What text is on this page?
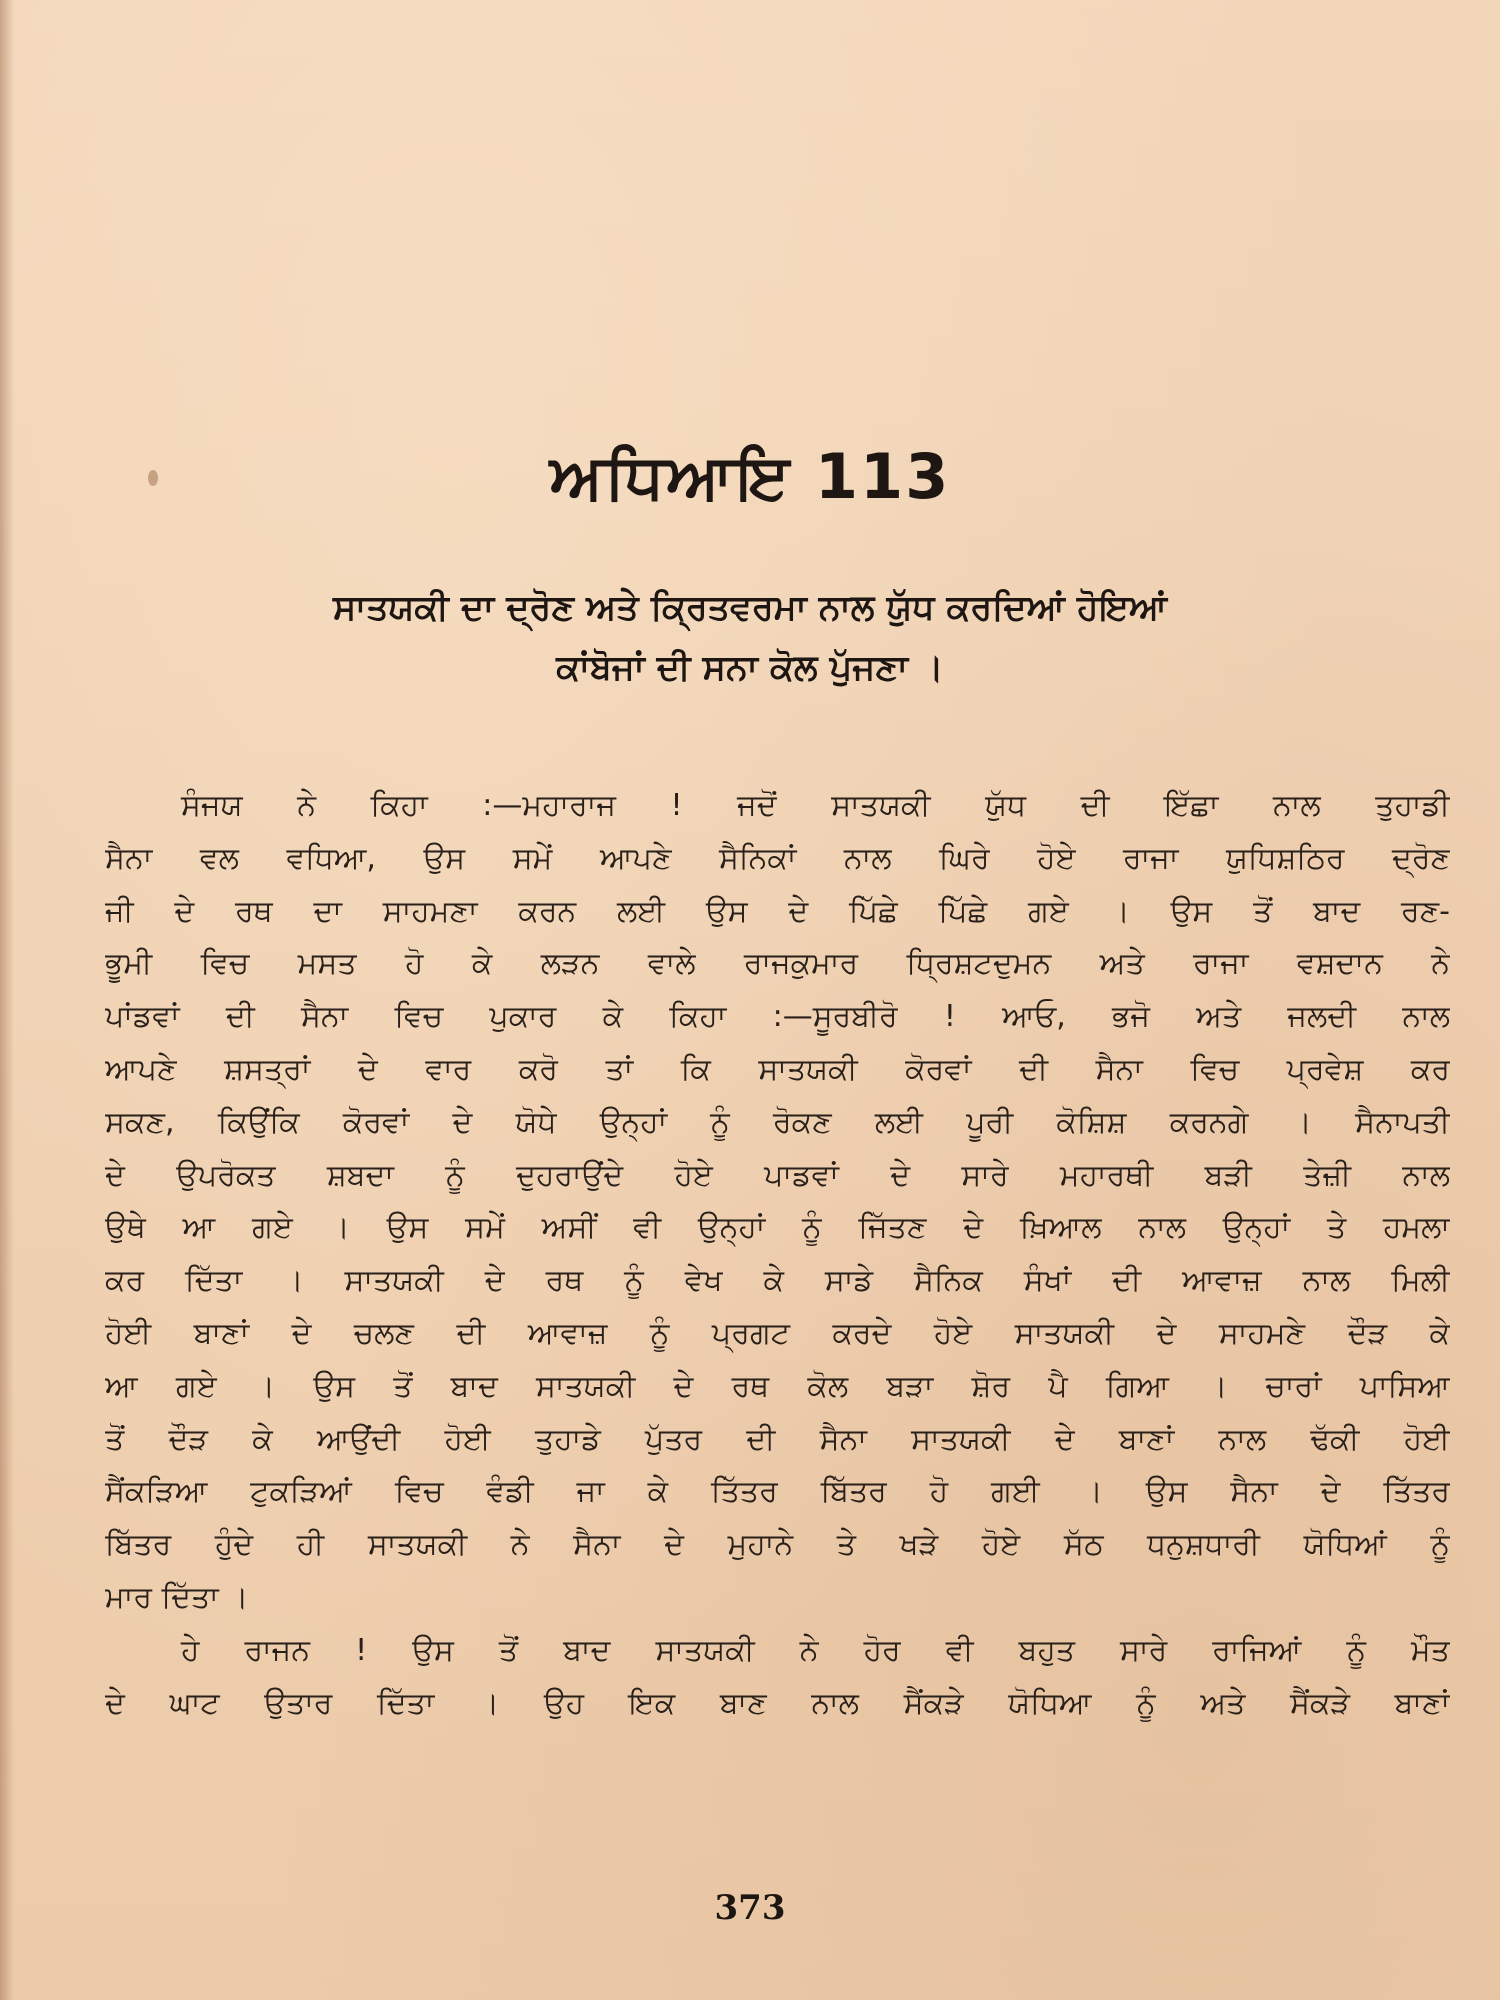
ਅਧਿਆਇ 113
ਸਾਤਯਕੀ ਦਾ ਦ੍ਰੋਣ ਅਤੇ ਕ੍ਰਿਤਵਰਮਾ ਨਾਲ ਯੁੱਧ ਕਰਦਿਆਂ ਹੋਇਆਂ
ਕਾਂਬੋਜਾਂ ਦੀ ਸਨਾ ਕੋਲ ਪੁੱਜਣਾ ।
ਸੰਜਯ ਨੇ ਕਿਹਾ :—ਮਹਾਰਾਜ ! ਜਦੋਂ ਸਾਤਯਕੀ ਯੁੱਧ ਦੀ ਇੱਛਾ ਨਾਲ ਤੁਹਾਡੀ
ਸੈਨਾ ਵਲ ਵਧਿਆ, ਉਸ ਸਮੇਂ ਆਪਣੇ ਸੈਨਿਕਾਂ ਨਾਲ ਘਿਰੇ ਹੋਏ ਰਾਜਾ ਯੁਧਿਸ਼ਠਿਰ ਦ੍ਰੋਣ
ਜੀ ਦੇ ਰਥ ਦਾ ਸਾਹਮਣਾ ਕਰਨ ਲਈ ਉਸ ਦੇ ਪਿੱਛੇ ਪਿੱਛੇ ਗਏ । ਉਸ ਤੋਂ ਬਾਦ ਰਣ-
ਭੂਮੀ ਵਿਚ ਮਸਤ ਹੋ ਕੇ ਲੜਨ ਵਾਲੇ ਰਾਜਕੁਮਾਰ ਧ੍ਰਿਸ਼ਟਦੁਮਨ ਅਤੇ ਰਾਜਾ ਵਸ਼ਦਾਨ ਨੇ
ਪਾਂਡਵਾਂ ਦੀ ਸੈਨਾ ਵਿਚ ਪੁਕਾਰ ਕੇ ਕਿਹਾ :—ਸੂਰਬੀਰੋ ! ਆਓ, ਭਜੋ ਅਤੇ ਜਲਦੀ ਨਾਲ
ਆਪਣੇ ਸ਼ਸਤ੍ਰਾਂ ਦੇ ਵਾਰ ਕਰੋ ਤਾਂ ਕਿ ਸਾਤਯਕੀ ਕੋਰਵਾਂ ਦੀ ਸੈਨਾ ਵਿਚ ਪ੍ਰਵੇਸ਼ ਕਰ
ਸਕਣ, ਕਿਉਂਕਿ ਕੋਰਵਾਂ ਦੇ ਯੋਧੇ ਉਨ੍ਹਾਂ ਨੂੰ ਰੋਕਣ ਲਈ ਪੂਰੀ ਕੋਸ਼ਿਸ਼ ਕਰਨਗੇ । ਸੈਨਾਪਤੀ
ਦੇ ਉਪਰੋਕਤ ਸ਼ਬਦਾ ਨੂੰ ਦੁਹਰਾਉਂਦੇ ਹੋਏ ਪਾਡਵਾਂ ਦੇ ਸਾਰੇ ਮਹਾਰਥੀ ਬੜੀ ਤੇਜ਼ੀ ਨਾਲ
ਉਥੇ ਆ ਗਏ । ਉਸ ਸਮੇਂ ਅਸੀਂ ਵੀ ਉਨ੍ਹਾਂ ਨੂੰ ਜਿੱਤਣ ਦੇ ਖ਼ਿਆਲ ਨਾਲ ਉਨ੍ਹਾਂ ਤੇ ਹਮਲਾ
ਕਰ ਦਿੱਤਾ । ਸਾਤਯਕੀ ਦੇ ਰਥ ਨੂੰ ਵੇਖ ਕੇ ਸਾਡੇ ਸੈਨਿਕ ਸੰਖਾਂ ਦੀ ਆਵਾਜ਼ ਨਾਲ ਮਿਲੀ
ਹੋਈ ਬਾਣਾਂ ਦੇ ਚਲਣ ਦੀ ਆਵਾਜ਼ ਨੂੰ ਪ੍ਰਗਟ ਕਰਦੇ ਹੋਏ ਸਾਤਯਕੀ ਦੇ ਸਾਹਮਣੇ ਦੌੜ ਕੇ
ਆ ਗਏ । ਉਸ ਤੋਂ ਬਾਦ ਸਾਤਯਕੀ ਦੇ ਰਥ ਕੋਲ ਬੜਾ ਸ਼ੋਰ ਪੈ ਗਿਆ । ਚਾਰਾਂ ਪਾਸਿਆ
ਤੋਂ ਦੌੜ ਕੇ ਆਉਂਦੀ ਹੋਈ ਤੁਹਾਡੇ ਪੁੱਤਰ ਦੀ ਸੈਨਾ ਸਾਤਯਕੀ ਦੇ ਬਾਣਾਂ ਨਾਲ ਢੱਕੀ ਹੋਈ
ਸੈਂਕੜਿਆ ਟੁਕੜਿਆਂ ਵਿਚ ਵੰਡੀ ਜਾ ਕੇ ਤਿੱਤਰ ਬਿੱਤਰ ਹੋ ਗਈ । ਉਸ ਸੈਨਾ ਦੇ ਤਿੱਤਰ
ਬਿੱਤਰ ਹੁੰਦੇ ਹੀ ਸਾਤਯਕੀ ਨੇ ਸੈਨਾ ਦੇ ਮੁਹਾਨੇ ਤੇ ਖੜੇ ਹੋਏ ਸੱਠ ਧਨੁਸ਼ਧਾਰੀ ਯੋਧਿਆਂ ਨੂੰ
ਮਾਰ ਦਿੱਤਾ ।
ਹੇ ਰਾਜਨ ! ਉਸ ਤੋਂ ਬਾਦ ਸਾਤਯਕੀ ਨੇ ਹੋਰ ਵੀ ਬਹੁਤ ਸਾਰੇ ਰਾਜਿਆਂ ਨੂੰ ਮੌਤ
ਦੇ ਘਾਟ ਉਤਾਰ ਦਿੱਤਾ । ਉਹ ਇਕ ਬਾਣ ਨਾਲ ਸੈਂਕੜੇ ਯੋਧਿਆ ਨੂੰ ਅਤੇ ਸੈਂਕੜੇ ਬਾਣਾਂ
373
